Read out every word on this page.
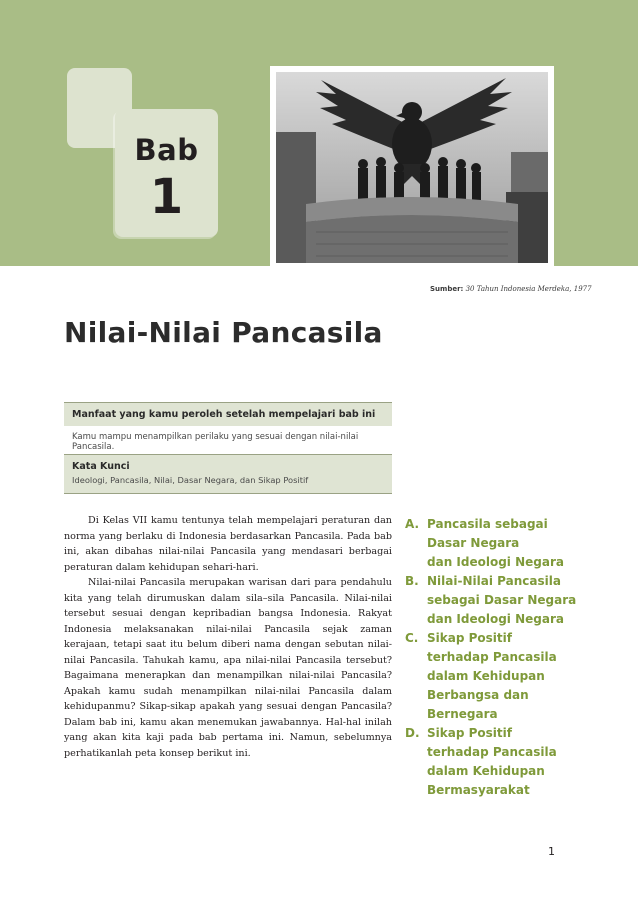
Bab
1
Sumber: 30 Tahun Indonesia Merdeka, 1977
Nilai-Nilai Pancasila
Manfaat yang kamu peroleh setelah mempelajari bab ini
Kamu mampu menampilkan perilaku yang sesuai dengan nilai-nilai Pancasila.
Kata Kunci
Ideologi, Pancasila, Nilai, Dasar Negara, dan Sikap Positif

Di Kelas VII kamu tentunya telah mempelajari peraturan dan norma yang berlaku di Indonesia berdasarkan Pancasila. Pada bab ini, akan dibahas nilai-nilai Pancasila yang mendasari berbagai peraturan dalam kehidupan sehari-hari.

Nilai-nilai Pancasila merupakan warisan dari para pendahulu kita yang telah dirumuskan dalam sila–sila Pancasila. Nilai-nilai tersebut sesuai dengan kepribadian bangsa Indonesia. Rakyat Indonesia melaksanakan nilai-nilai Pancasila sejak zaman kerajaan, tetapi saat itu belum diberi nama dengan sebutan nilai-nilai Pancasila. Tahukah kamu, apa nilai-nilai Pancasila tersebut? Bagaimana menerapkan dan menampilkan nilai-nilai Pancasila? Apakah kamu sudah menampilkan nilai-nilai Pancasila dalam kehidupanmu? Sikap-sikap apakah yang sesuai dengan Pancasila? Dalam bab ini, kamu akan menemukan jawabannya. Hal-hal inilah yang akan kita kaji pada bab pertama ini. Namun, sebelumnya perhatikanlah peta konsep berikut ini.

A. Pancasila sebagai
Dasar Negara
dan Ideologi Negara
B. Nilai-Nilai Pancasila
sebagai Dasar Negara
dan Ideologi Negara
C. Sikap Positif
terhadap Pancasila
dalam Kehidupan
Berbangsa dan
Bernegara
D. Sikap Positif
terhadap Pancasila
dalam Kehidupan
Bermasyarakat
1
